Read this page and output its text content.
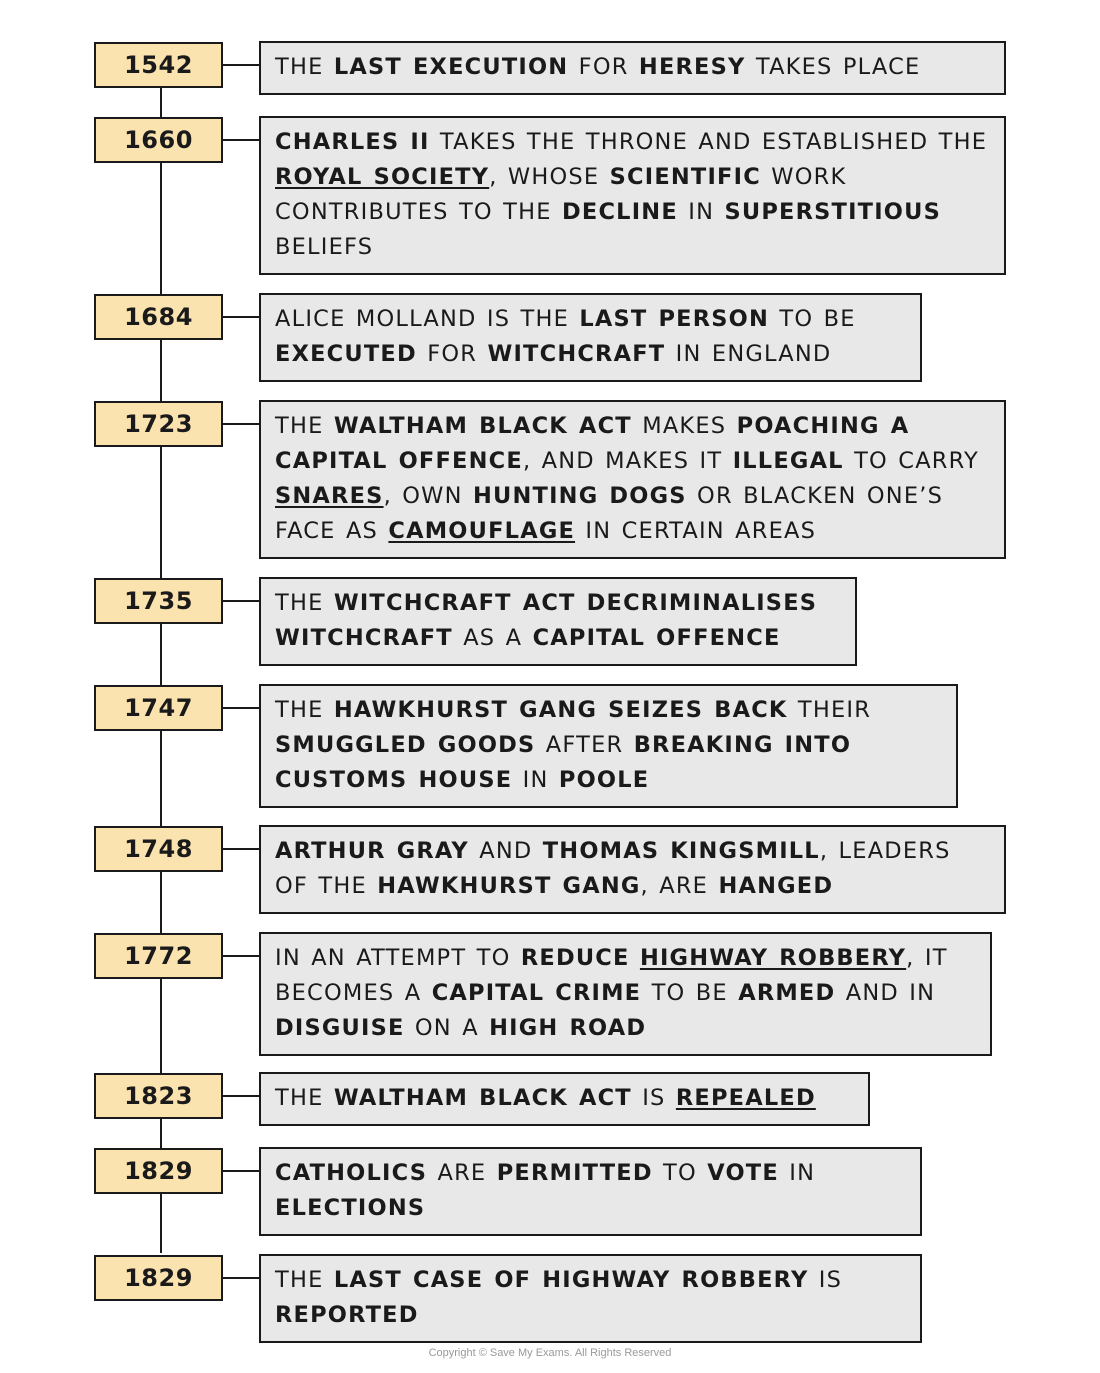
1542	THE LAST EXECUTION FOR HERESY TAKES PLACE
1660	CHARLES II TAKES THE THRONE AND ESTABLISHED THE ROYAL SOCIETY, WHOSE SCIENTIFIC WORK CONTRIBUTES TO THE DECLINE IN SUPERSTITIOUS BELIEFS
1684	ALICE MOLLAND IS THE LAST PERSON TO BE EXECUTED FOR WITCHCRAFT IN ENGLAND
1723	THE WALTHAM BLACK ACT MAKES POACHING A CAPITAL OFFENCE, AND MAKES IT ILLEGAL TO CARRY SNARES, OWN HUNTING DOGS OR BLACKEN ONE’S FACE AS CAMOUFLAGE IN CERTAIN AREAS
1735	THE WITCHCRAFT ACT DECRIMINALISES WITCHCRAFT AS A CAPITAL OFFENCE
1747	THE HAWKHURST GANG SEIZES BACK THEIR SMUGGLED GOODS AFTER BREAKING INTO CUSTOMS HOUSE IN POOLE
1748	ARTHUR GRAY AND THOMAS KINGSMILL, LEADERS OF THE HAWKHURST GANG, ARE HANGED
1772	IN AN ATTEMPT TO REDUCE HIGHWAY ROBBERY, IT BECOMES A CAPITAL CRIME TO BE ARMED AND IN DISGUISE ON A HIGH ROAD
1823	THE WALTHAM BLACK ACT IS REPEALED
1829	CATHOLICS ARE PERMITTED TO VOTE IN ELECTIONS
1829	THE LAST CASE OF HIGHWAY ROBBERY IS REPORTED
Copyright © Save My Exams. All Rights Reserved
